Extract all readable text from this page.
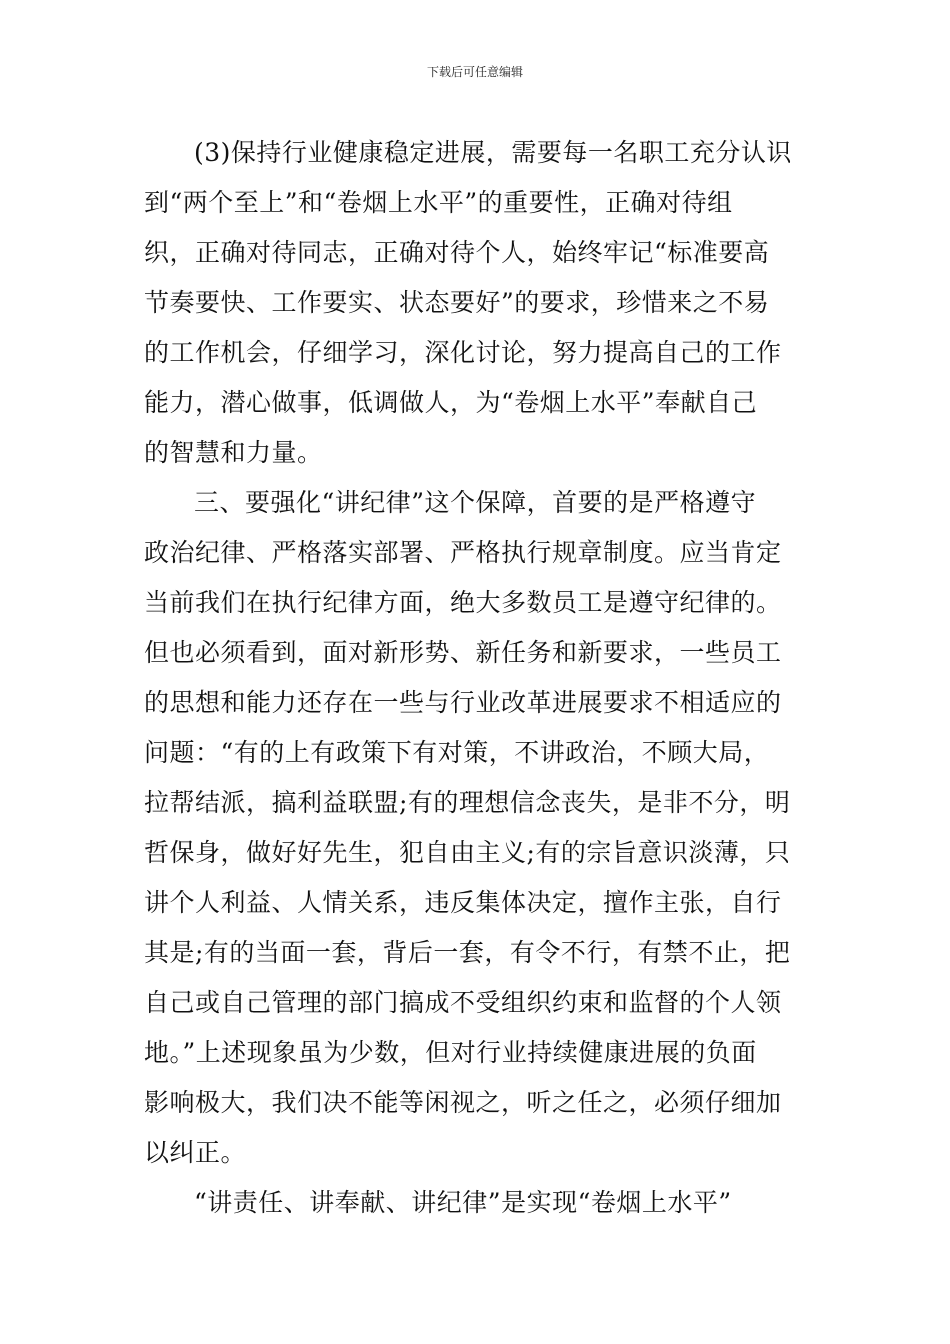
下载后可任意编辑
(3)保持行业健康稳定进展，需要每一名职工充分认识
到“两个至上”和“卷烟上水平”的重要性，正确对待组
织，正确对待同志，正确对待个人，始终牢记“标准要高
节奏要快、工作要实、状态要好”的要求，珍惜来之不易
的工作机会，仔细学习，深化讨论，努力提高自己的工作
能力，潜心做事，低调做人，为“卷烟上水平”奉献自己
的智慧和力量。
三、要强化“讲纪律”这个保障，首要的是严格遵守
政治纪律、严格落实部署、严格执行规章制度。应当肯定
当前我们在执行纪律方面，绝大多数员工是遵守纪律的。
但也必须看到，面对新形势、新任务和新要求，一些员工
的思想和能力还存在一些与行业改革进展要求不相适应的
问题：“有的上有政策下有对策，不讲政治，不顾大局，
拉帮结派，搞利益联盟;有的理想信念丧失，是非不分，明
哲保身，做好好先生，犯自由主义;有的宗旨意识淡薄，只
讲个人利益、人情关系，违反集体决定，擅作主张，自行
其是;有的当面一套，背后一套，有令不行，有禁不止，把
自己或自己管理的部门搞成不受组织约束和监督的个人领
地。”上述现象虽为少数，但对行业持续健康进展的负面
影响极大，我们决不能等闲视之，听之任之，必须仔细加
以纠正。
“讲责任、讲奉献、讲纪律”是实现“卷烟上水平”
